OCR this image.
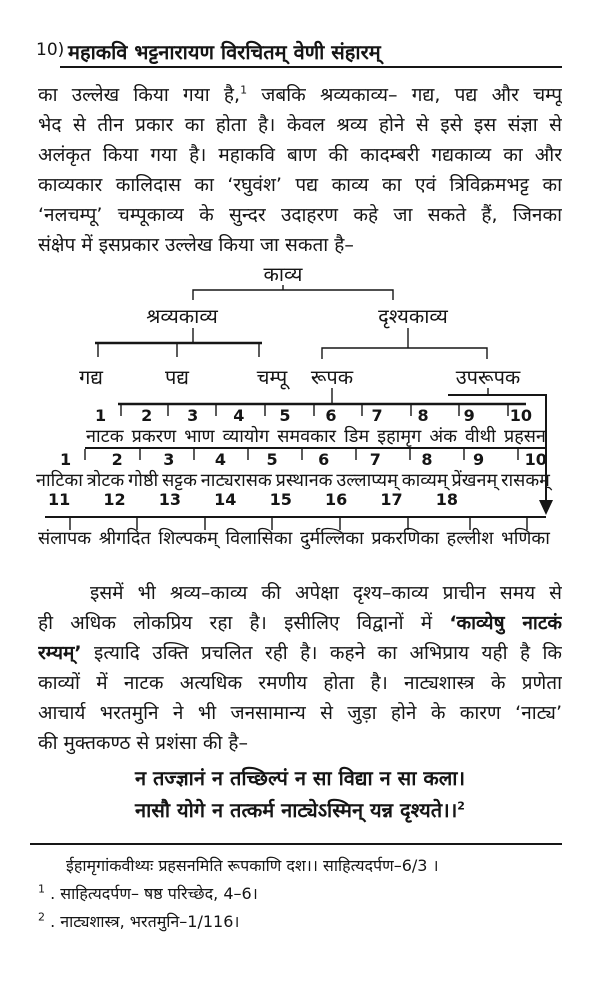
10) महाकवि भट्टनारायण विरचितम् वेणी संहारम्
का उल्लेख किया गया है,$^1$ जबकि श्रव्यकाव्य– गद्य, पद्य और चम्पू
भेद से तीन प्रकार का होता है। केवल श्रव्य होने से इसे इस संज्ञा से
अलंकृत किया गया है। महाकवि बाण की कादम्बरी गद्यकाव्य का और
काव्यकार कालिदास का ‘रघुवंश’ पद्य काव्य का एवं त्रिविक्रमभट्ट का
‘नलचम्पू’ चम्पूकाव्य के सुन्दर उदाहरण कहे जा सकते हैं, जिनका
संक्षेप में इसप्रकार उल्लेख किया जा सकता है–
काव्य
श्रव्यकाव्य	दृश्यकाव्य
गद्य	पद्य	चम्पू रूपक	उपरूपक
1 2 3 4 5 6 7 8 9 10
नाटक प्रकरण भाण व्यायोग समवकार डिम इहामृग अंक वीथी प्रहसन
1	2	3	4	5	6	7	8	9	10
नाटिका त्रोटक गोष्ठी सट्टक नाट्यरासक प्रस्थानक उल्लाप्यम् काव्यम् प्रेंखनम् रासकम्
11 12 13 14 15 16 17 18
संलापक श्रीगदित शिल्पकम् विलासिका दुर्मल्लिका प्रकरणिका हल्लीश भणिका
इसमें भी श्रव्य–काव्य की अपेक्षा दृश्य–काव्य प्राचीन समय से
ही अधिक लोकप्रिय रहा है। इसीलिए विद्वानों में ‘काव्येषु नाटकं
रम्यम्’ इत्यादि उक्ति प्रचलित रही है। कहने का अभिप्राय यही है कि
काव्यों में नाटक अत्यधिक रमणीय होता है। नाट्यशास्त्र के प्रणेता
आचार्य भरतमुनि ने भी जनसामान्य से जुड़ा होने के कारण ‘नाट्य’
की मुक्तकण्ठ से प्रशंसा की है–
न तज्ज्ञानं न तच्छिल्पं न सा विद्या न सा कला।
नासौ योगे न तत्कर्म नाट्येऽस्मिन् यन्न दृश्यते।।$^2$
ईहामृगांकवीथ्यः प्रहसनमिति रूपकाणि दश।। साहित्यदर्पण–6/3 ।
$^1$ . साहित्यदर्पण– षष्ठ परिच्छेद, 4–6।
$^2$ . नाट्यशास्त्र, भरतमुनि–1/116।
